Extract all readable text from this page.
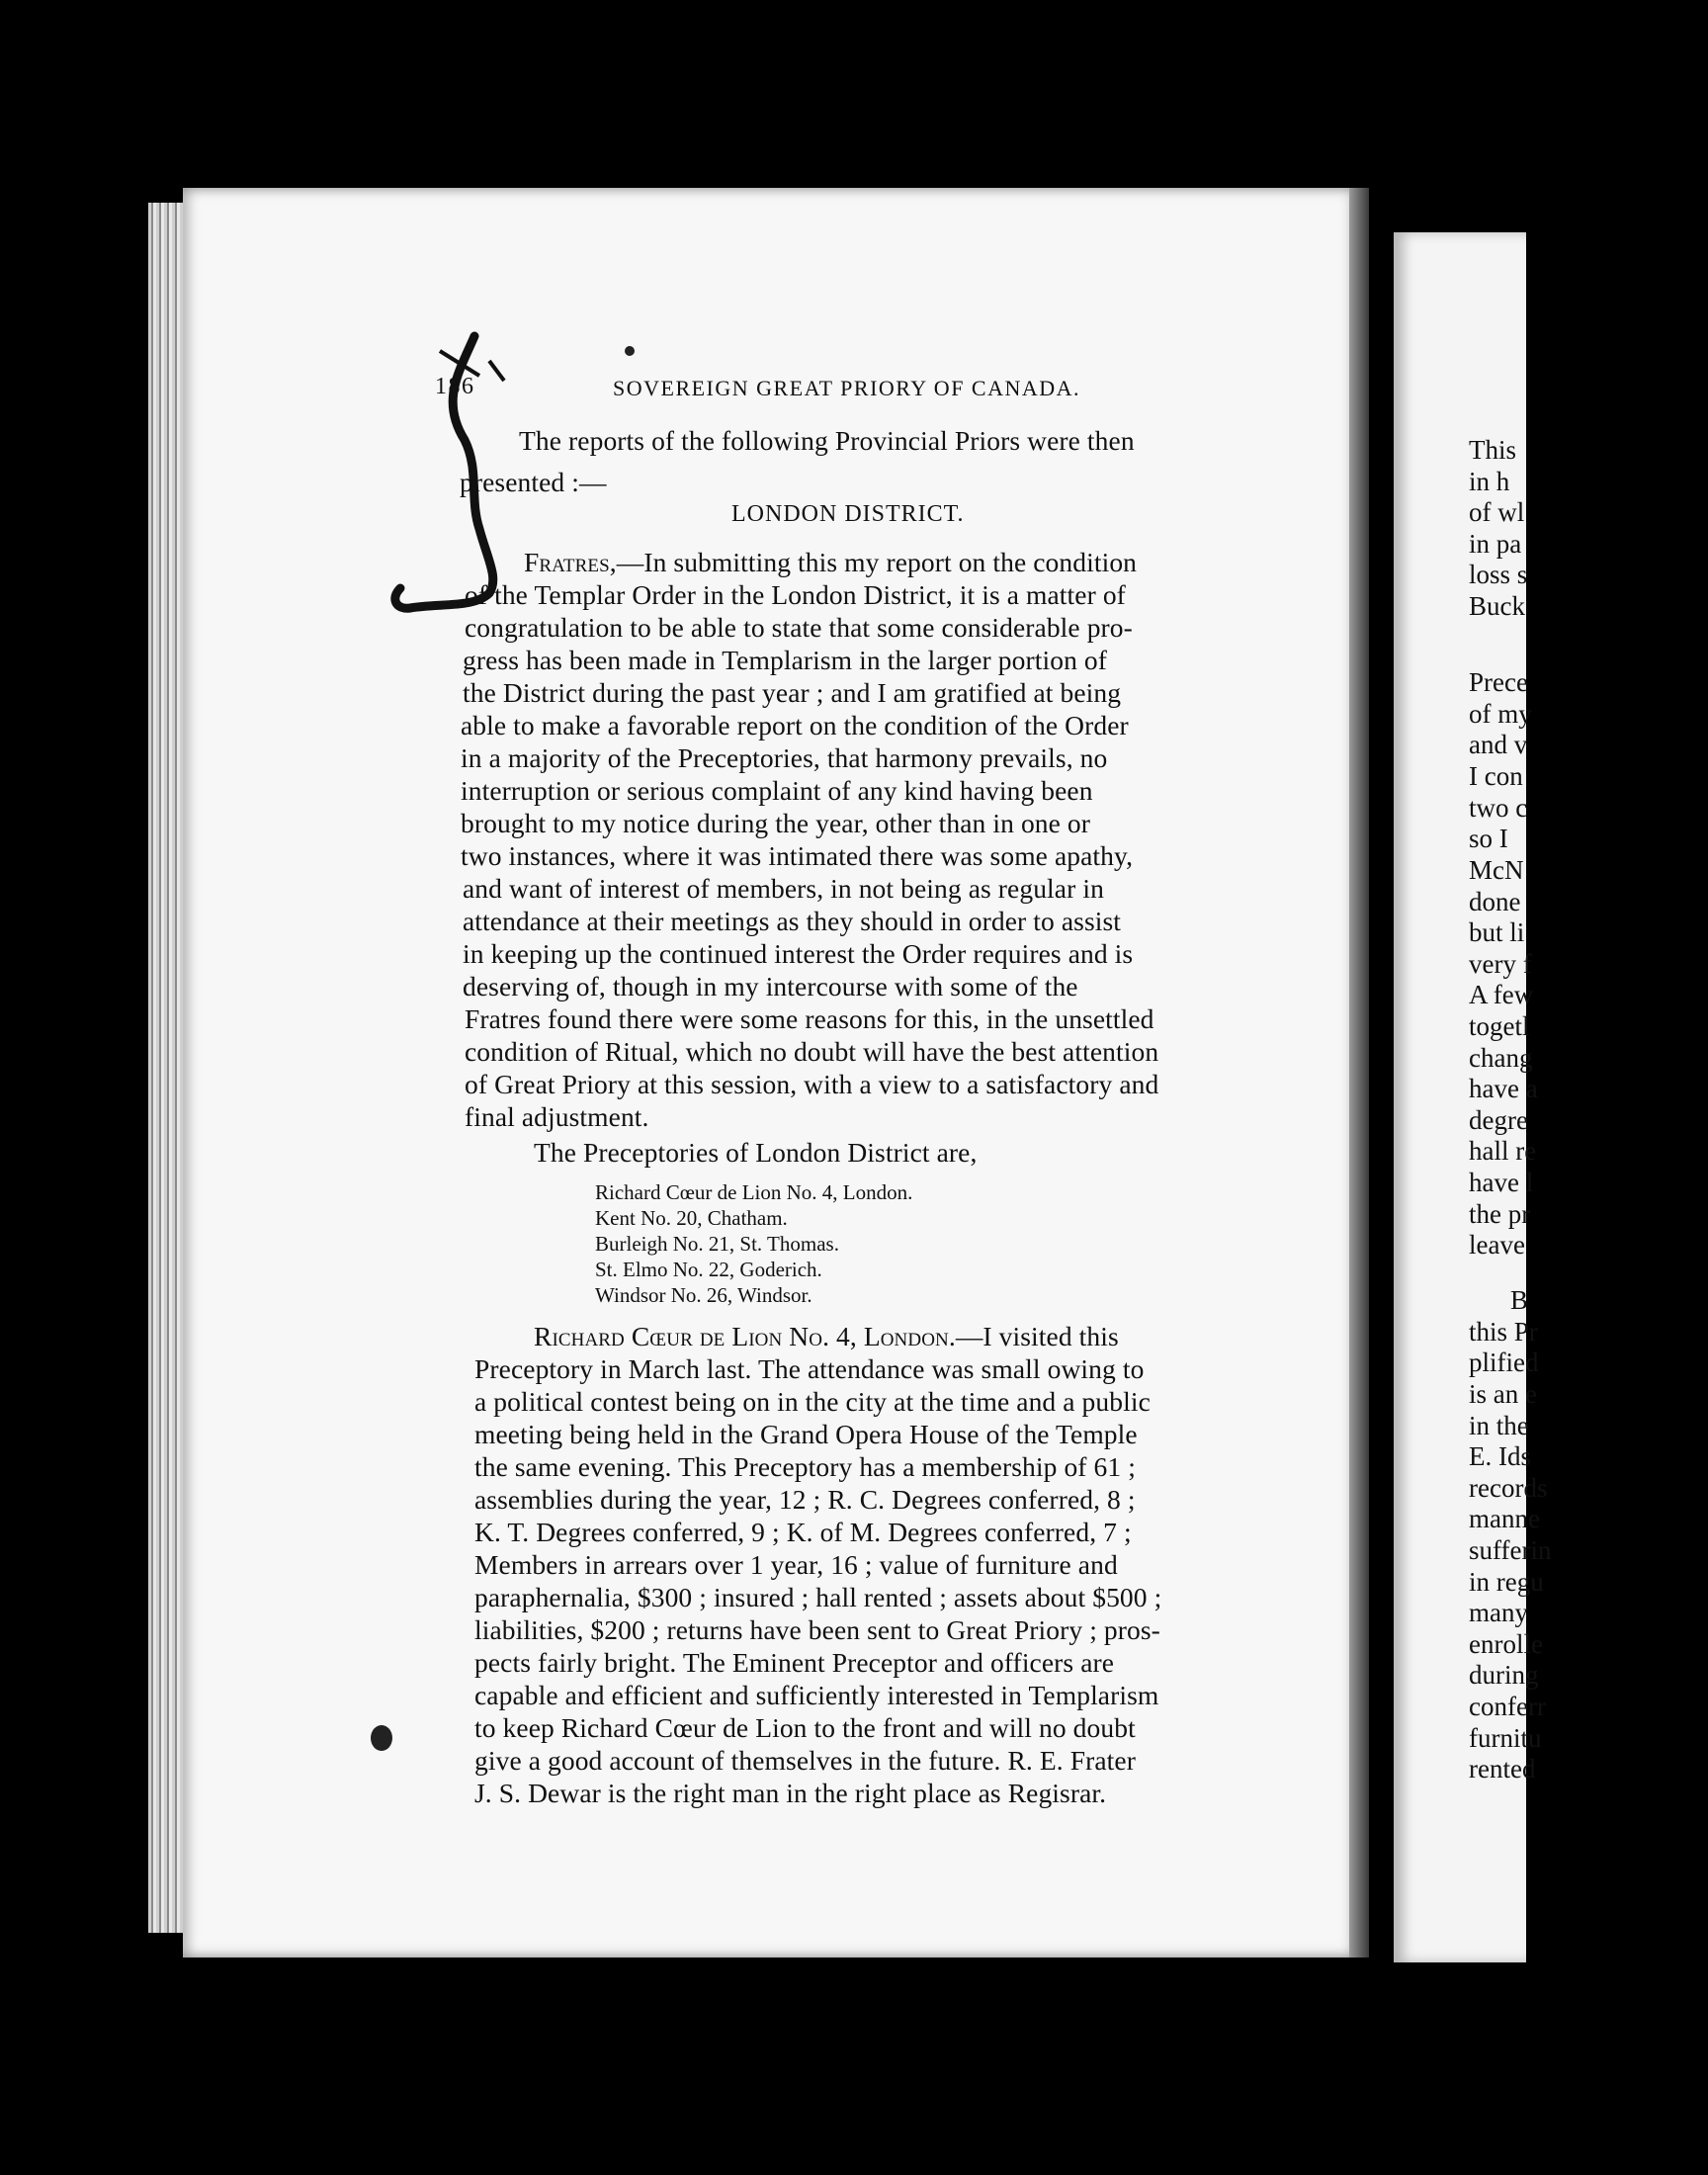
This
in h
of wl
in pa
loss s
Buck
Prece
of my
and v
I con
two c
so I
McN
done
but li
very f
A few
togetl
chang
have a
degre
hall re
have l
the pr
leave
B
this Pr
plified
is an e
in the
E. Ids
records
manne
sufferin
in regu
many
enrolle
during
conferr
furnitu
rented
186	SOVEREIGN GREAT PRIORY OF CANADA.
The reports of the following Provincial Priors were then
presented :—
LONDON DISTRICT.
Fratres,—In submitting this my report on the condition
of the Templar Order in the London District, it is a matter of
congratulation to be able to state that some considerable pro-
gress has been made in Templarism in the larger portion of
the District during the past year ; and I am gratified at being
able to make a favorable report on the condition of the Order
in a majority of the Preceptories, that harmony prevails, no
interruption or serious complaint of any kind having been
brought to my notice during the year, other than in one or
two instances, where it was intimated there was some apathy,
and want of interest of members, in not being as regular in
attendance at their meetings as they should in order to assist
in keeping up the continued interest the Order requires and is
deserving of, though in my intercourse with some of the
Fratres found there were some reasons for this, in the unsettled
condition of Ritual, which no doubt will have the best attention
of Great Priory at this session, with a view to a satisfactory and
final adjustment.
The Preceptories of London District are,
Richard Cœur de Lion No. 4, London.
Kent No. 20, Chatham.
Burleigh No. 21, St. Thomas.
St. Elmo No. 22, Goderich.
Windsor No. 26, Windsor.
Richard Cœur de Lion No. 4, London.—I visited this
Preceptory in March last. The attendance was small owing to
a political contest being on in the city at the time and a public
meeting being held in the Grand Opera House of the Temple
the same evening. This Preceptory has a membership of 61 ;
assemblies during the year, 12 ; R. C. Degrees conferred, 8 ;
K. T. Degrees conferred, 9 ; K. of M. Degrees conferred, 7 ;
Members in arrears over 1 year, 16 ; value of furniture and
paraphernalia, $300 ; insured ; hall rented ; assets about $500 ;
liabilities, $200 ; returns have been sent to Great Priory ; pros-
pects fairly bright. The Eminent Preceptor and officers are
capable and efficient and sufficiently interested in Templarism
to keep Richard Cœur de Lion to the front and will no doubt
give a good account of themselves in the future. R. E. Frater
J. S. Dewar is the right man in the right place as Regisrar.
